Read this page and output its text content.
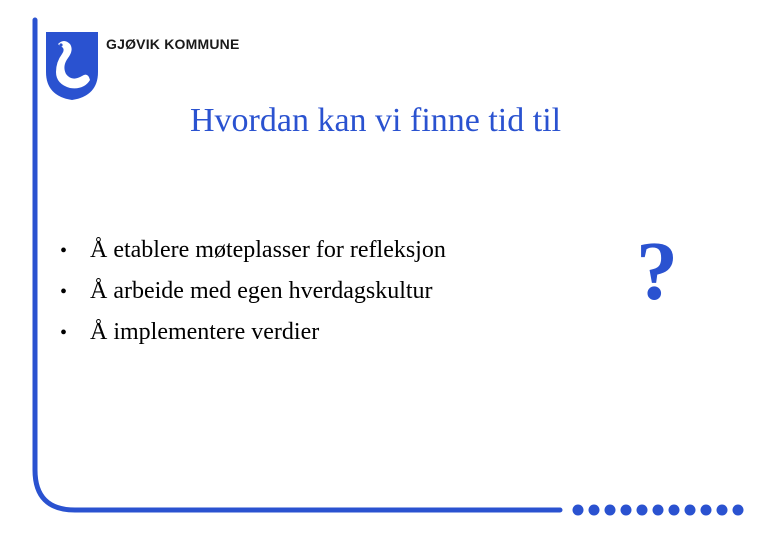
GJØVIK KOMMUNE
Hvordan kan vi finne tid til
• Å etablere møteplasser for refleksjon
• Å arbeide med egen hverdagskultur
• Å implementere verdier
?
